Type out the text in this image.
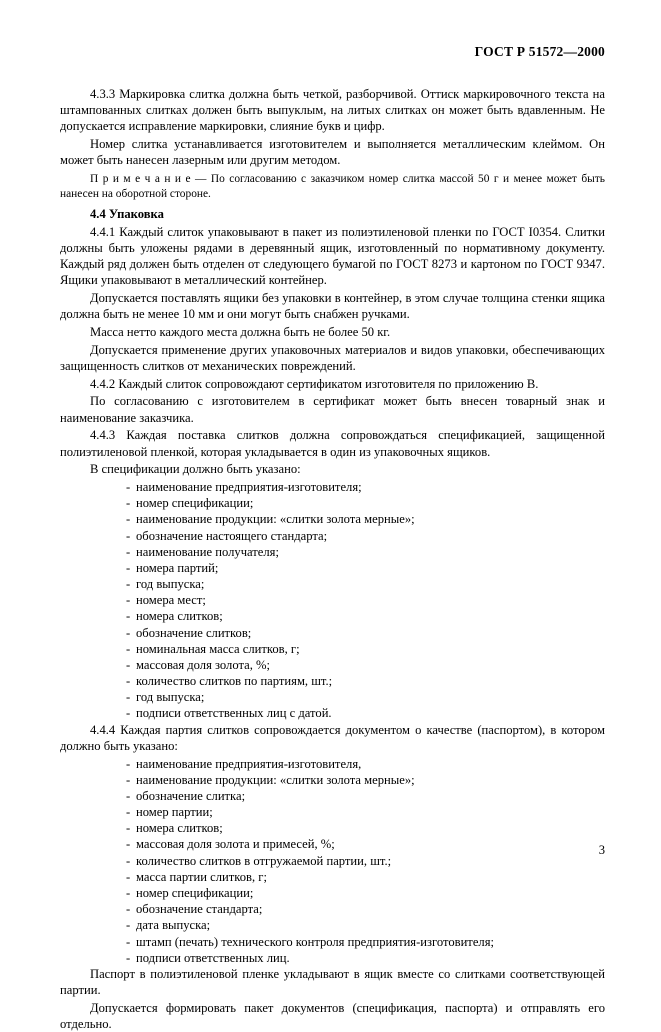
ГОСТ Р 51572—2000

4.3.3 Маркировка слитка должна быть четкой, разборчивой. Оттиск маркировочного текста на штампованных слитках должен быть выпуклым, на литых слитках он может быть вдавленным. Не допускается исправление маркировки, слияние букв и цифр.

Номер слитка устанавливается изготовителем и выполняется металлическим клеймом. Он может быть нанесен лазерным или другим методом.

П р и м е ч а н и е — По согласованию с заказчиком номер слитка массой 50 г и менее может быть нанесен на оборотной стороне.

4.4 Упаковка

4.4.1 Каждый слиток упаковывают в пакет из полиэтиленовой пленки по ГОСТ I0354. Слитки должны быть уложены рядами в деревянный ящик, изготовленный по нормативному документу. Каждый ряд должен быть отделен от следующего бумагой по ГОСТ 8273 и картоном по ГОСТ 9347. Ящики упаковывают в металлический контейнер.

Допускается поставлять ящики без упаковки в контейнер, в этом случае толщина стенки ящика должна быть не менее 10 мм и они могут быть снабжен ручками.

Масса нетто каждого места должна быть не более 50 кг.

Допускается применение других упаковочных материалов и видов упаковки, обеспечивающих защищенность слитков от механических повреждений.

4.4.2 Каждый слиток сопровождают сертификатом изготовителя по приложению В.

По согласованию с изготовителем в сертификат может быть внесен товарный знак и наименование заказчика.

4.4.3 Каждая поставка слитков должна сопровождаться спецификацией, защищенной полиэтиленовой пленкой, которая укладывается в один из упаковочных ящиков.

В спецификации должно быть указано:

- наименование предприятия-изготовителя;
- номер спецификации;
- наименование продукции: «слитки золота мерные»;
- обозначение настоящего стандарта;
- наименование получателя;
- номера партий;
- год выпуска;
- номера мест;
- номера слитков;
- обозначение слитков;
- номинальная масса слитков, г;
- массовая доля золота, %;
- количество слитков по партиям, шт.;
- год выпуска;
- подписи ответственных лиц с датой.

4.4.4 Каждая партия слитков сопровождается документом о качестве (паспортом), в котором должно быть указано:

- наименование предприятия-изготовителя,
- наименование продукции: «слитки золота мерные»;
- обозначение слитка;
- номер партии;
- номера слитков;
- массовая доля золота и примесей, %;
- количество слитков в отгружаемой партии, шт.;
- масса партии слитков, г;
- номер спецификации;
- обозначение стандарта;
- дата выпуска;
- штамп (печать) технического контроля предприятия-изготовителя;
- подписи ответственных лиц.

Паспорт в полиэтиленовой пленке укладывают в ящик вместе со слитками соответствующей партии.

Допускается формировать пакет документов (спецификация, паспорта) и отправлять его отдельно.

3
